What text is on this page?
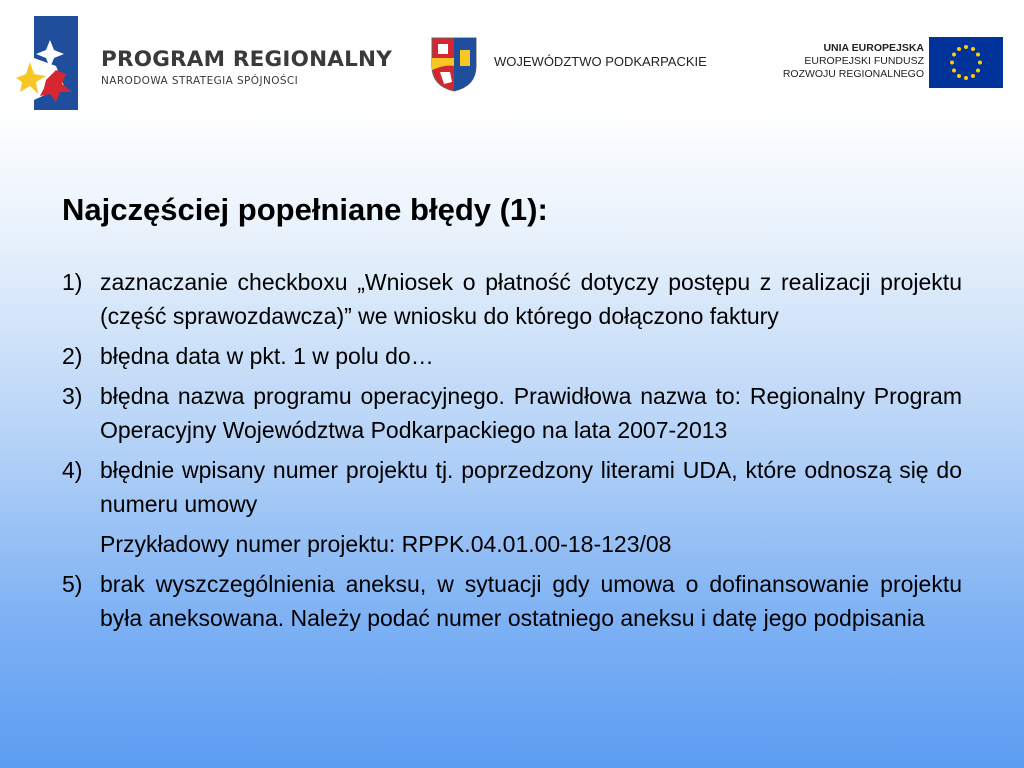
PROGRAM REGIONALNY
NARODOWA STRATEGIA SPÓJNOŚCI
WOJEWÓDZTWO PODKARPACKIE
UNIA EUROPEJSKA
EUROPEJSKI FUNDUSZ
ROZWOJU REGIONALNEGO
Najczęściej popełniane błędy (1):
1) zaznaczanie checkboxu „Wniosek o płatność dotyczy postępu z realizacji projektu (część sprawozdawcza)” we wniosku do którego dołączono faktury
2) błędna data w pkt. 1 w polu do…
3) błędna nazwa programu operacyjnego. Prawidłowa nazwa to: Regionalny Program Operacyjny Województwa Podkarpackiego na lata 2007-2013
4) błędnie wpisany numer projektu tj. poprzedzony literami UDA, które odnoszą się do numeru umowy
Przykładowy numer projektu: RPPK.04.01.00-18-123/08
5) brak wyszczególnienia aneksu, w sytuacji gdy umowa o dofinansowanie projektu była aneksowana. Należy podać numer ostatniego aneksu i datę jego podpisania
